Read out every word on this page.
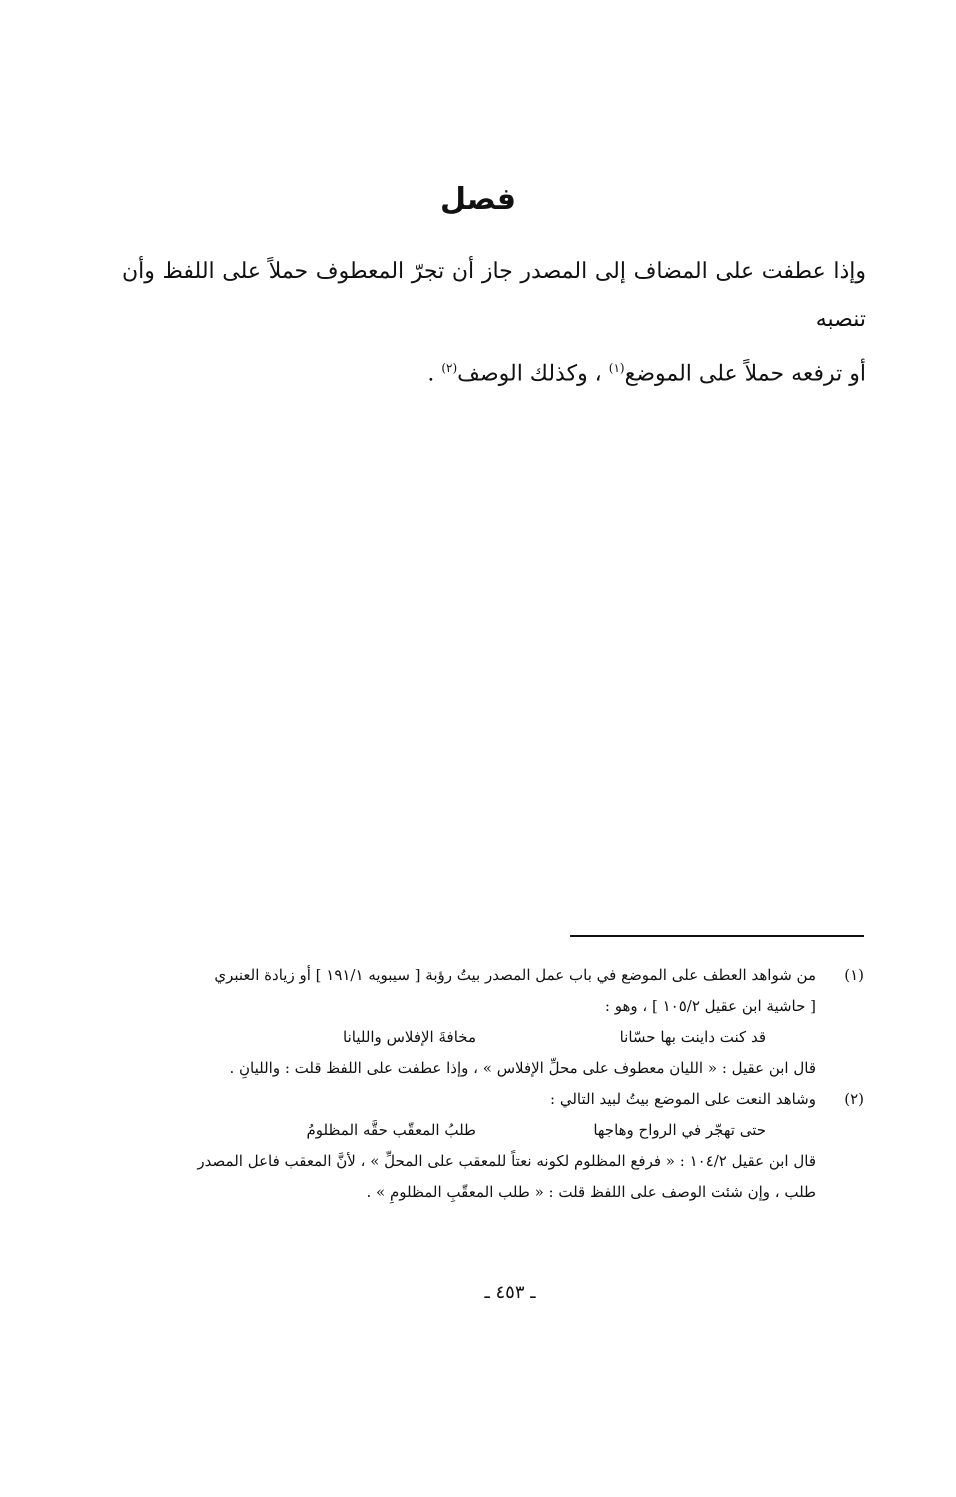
فصل

وإذا عطفت على المضاف إلى المصدر جاز أن تجرّ المعطوف حملاً على اللفظ وأن تنصبه
أو ترفعه حملاً على الموضع$^{(١)}$ ، وكذلك الوصف$^{(٢)}$ .

(١)
من شواهد العطف على الموضع في باب عمل المصدر بيتُ رؤبة [ سيبويه ١٩١/١ ] أو زيادة العنبري
[ حاشية ابن عقيل ١٠٥/٢ ] ، وهو :
قد كنت داينت بها حسّانا
مخافةَ الإفلاس والليانا
قال ابن عقيل : « الليان معطوف على محلِّ الإفلاس » ، وإذا عطفت على اللفظ قلت : والليانِ .
(٢)
وشاهد النعت على الموضع بيتُ لبيد التالي :
حتى تهجّر في الرواح وهاجها
طلبُ المعقّب حقَّه المظلومُ
قال ابن عقيل ١٠٤/٢ : « فرفع المظلوم لكونه نعتاً للمعقب على المحلِّ » ، لأنَّ المعقب فاعل المصدر
طلب ، وإن شئت الوصف على اللفظ قلت : « طلب المعقّبِ المظلومِ » .
ـ ٤٥٣ ـ
